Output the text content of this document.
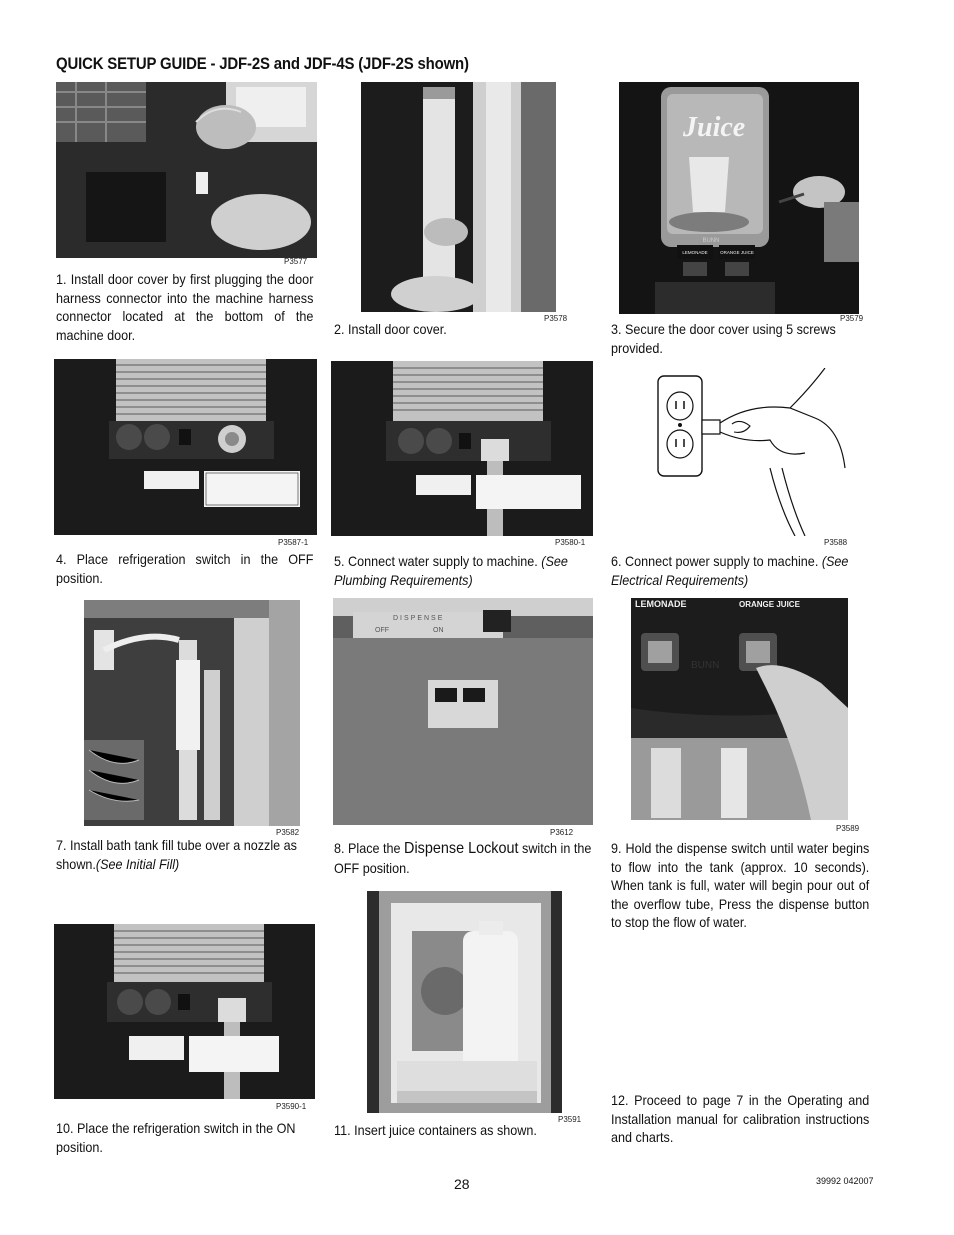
QUICK SETUP GUIDE - JDF-2S and JDF-4S (JDF-2S shown)
P3577
1. Install door cover by first plugging the door harness connector into the machine harness connector located at the bottom of the machine door.
P3578
2. Install door cover.
Juice
BUNN
LEMONADE	ORANGE JUICE
P3579
3. Secure the door cover using 5 screws provided.
P3587-1
4. Place refrigeration switch in the OFF position.
P3580-1
5. Connect water supply to machine. (See Plumbing Requirements)
P3588
6. Connect power supply to machine. (See Electrical Requirements)
P3582
7. Install bath tank fill tube over a nozzle as shown.(See Initial Fill)
DISPENSE
OFF	ON
P3612
8. Place the Dispense Lockout switch in the OFF position.
LEMONADE	ORANGE JUICE
BUNN
P3589
9. Hold the dispense switch until water begins to flow into the tank (approx. 10 seconds). When tank is full, water will begin pour out of the overflow tube, Press the dispense button to stop the flow of water.
P3590-1
10. Place the refrigeration switch in the ON position.
P3591
11. Insert juice containers as shown.
12. Proceed to page 7 in the Operating and Installation manual for calibration instructions and charts.
28	39992 042007
